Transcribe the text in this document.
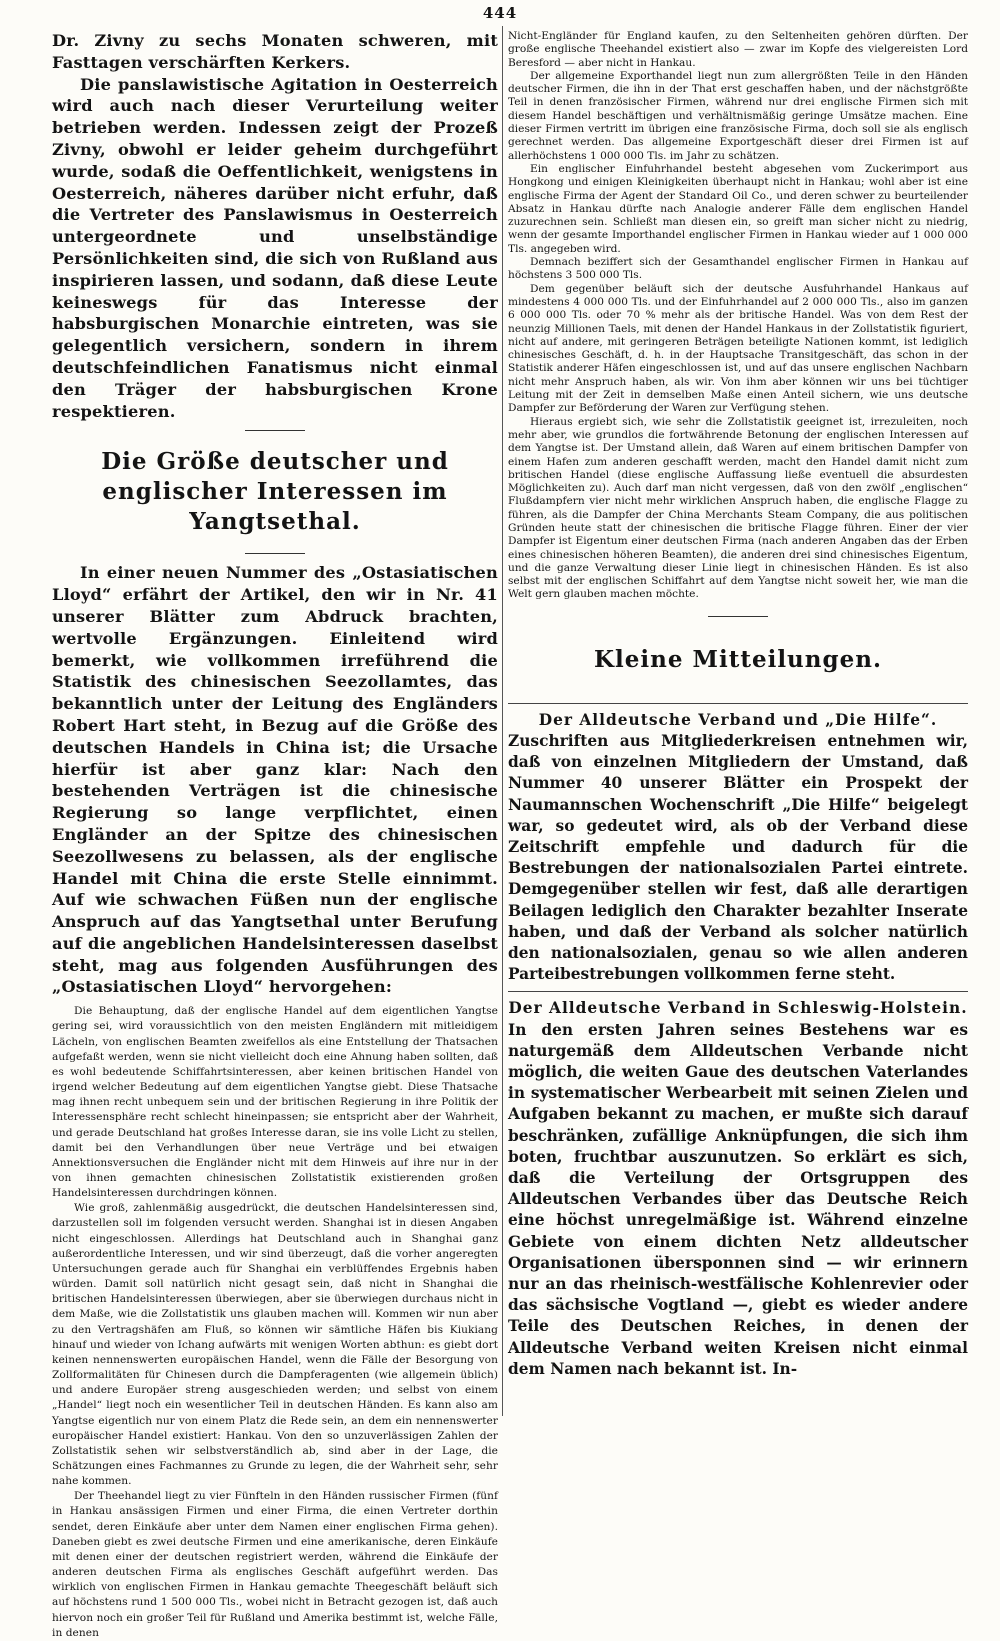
444

Dr. Zivny zu sechs Monaten schweren, mit Fasttagen verschärften Kerkers.

Die panslawistische Agitation in Oesterreich wird auch nach dieser Verurteilung weiter betrieben werden. Indessen zeigt der Prozeß Zivny, obwohl er leider geheim durchgeführt wurde, sodaß die Oeffentlichkeit, wenigstens in Oesterreich, näheres darüber nicht erfuhr, daß die Vertreter des Panslawismus in Oesterreich untergeordnete und unselbständige Persönlichkeiten sind, die sich von Rußland aus inspirieren lassen, und sodann, daß diese Leute keineswegs für das Interesse der habsburgischen Monarchie eintreten, was sie gelegentlich versichern, sondern in ihrem deutschfeindlichen Fanatismus nicht einmal den Träger der habsburgischen Krone respektieren.

Die Größe deutscher und englischer Interessen im Yangtsethal.

In einer neuen Nummer des „Ostasiatischen Lloyd“ erfährt der Artikel, den wir in Nr. 41 unserer Blätter zum Abdruck brachten, wertvolle Ergänzungen. Einleitend wird bemerkt, wie vollkommen irreführend die Statistik des chinesischen Seezollamtes, das bekanntlich unter der Leitung des Engländers Robert Hart steht, in Bezug auf die Größe des deutschen Handels in China ist; die Ursache hierfür ist aber ganz klar: Nach den bestehenden Verträgen ist die chinesische Regierung so lange verpflichtet, einen Engländer an der Spitze des chinesischen Seezollwesens zu belassen, als der englische Handel mit China die erste Stelle einnimmt. Auf wie schwachen Füßen nun der englische Anspruch auf das Yangtsethal unter Berufung auf die angeblichen Handelsinteressen daselbst steht, mag aus folgenden Ausführungen des „Ostasiatischen Lloyd“ hervorgehen:

Die Behauptung, daß der englische Handel auf dem eigentlichen Yangtse gering sei, wird voraussichtlich von den meisten Engländern mit mitleidigem Lächeln, von englischen Beamten zweifellos als eine Entstellung der Thatsachen aufgefaßt werden, wenn sie nicht vielleicht doch eine Ahnung haben sollten, daß es wohl bedeutende Schiffahrtsinteressen, aber keinen britischen Handel von irgend welcher Bedeutung auf dem eigentlichen Yangtse giebt. Diese Thatsache mag ihnen recht unbequem sein und der britischen Regierung in ihre Politik der Interessensphäre recht schlecht hineinpassen; sie entspricht aber der Wahrheit, und gerade Deutschland hat großes Interesse daran, sie ins volle Licht zu stellen, damit bei den Verhandlungen über neue Verträge und bei etwaigen Annektionsversuchen die Engländer nicht mit dem Hinweis auf ihre nur in der von ihnen gemachten chinesischen Zollstatistik existierenden großen Handelsinteressen durchdringen können.

Wie groß, zahlenmäßig ausgedrückt, die deutschen Handelsinteressen sind, darzustellen soll im folgenden versucht werden. Shanghai ist in diesen Angaben nicht eingeschlossen. Allerdings hat Deutschland auch in Shanghai ganz außerordentliche Interessen, und wir sind überzeugt, daß die vorher angeregten Untersuchungen gerade auch für Shanghai ein verblüffendes Ergebnis haben würden. Damit soll natürlich nicht gesagt sein, daß nicht in Shanghai die britischen Handelsinteressen überwiegen, aber sie überwiegen durchaus nicht in dem Maße, wie die Zollstatistik uns glauben machen will. Kommen wir nun aber zu den Vertragshäfen am Fluß, so können wir sämtliche Häfen bis Kiukiang hinauf und wieder von Ichang aufwärts mit wenigen Worten abthun: es giebt dort keinen nennenswerten europäischen Handel, wenn die Fälle der Besorgung von Zollformalitäten für Chinesen durch die Dampferagenten (wie allgemein üblich) und andere Europäer streng ausgeschieden werden; und selbst von einem „Handel“ liegt noch ein wesentlicher Teil in deutschen Händen. Es kann also am Yangtse eigentlich nur von einem Platz die Rede sein, an dem ein nennenswerter europäischer Handel existiert: Hankau. Von den so unzuverlässigen Zahlen der Zollstatistik sehen wir selbstverständlich ab, sind aber in der Lage, die Schätzungen eines Fachmannes zu Grunde zu legen, die der Wahrheit sehr, sehr nahe kommen.

Der Theehandel liegt zu vier Fünfteln in den Händen russischer Firmen (fünf in Hankau ansässigen Firmen und einer Firma, die einen Vertreter dorthin sendet, deren Einkäufe aber unter dem Namen einer englischen Firma gehen). Daneben giebt es zwei deutsche Firmen und eine amerikanische, deren Einkäufe mit denen einer der deutschen registriert werden, während die Einkäufe der anderen deutschen Firma als englisches Geschäft aufgeführt werden. Das wirklich von englischen Firmen in Hankau gemachte Theegeschäft beläuft sich auf höchstens rund 1 500 000 Tls., wobei nicht in Betracht gezogen ist, daß auch hiervon noch ein großer Teil für Rußland und Amerika bestimmt ist, welche Fälle, in denen

Nicht-Engländer für England kaufen, zu den Seltenheiten gehören dürften. Der große englische Theehandel existiert also — zwar im Kopfe des vielgereisten Lord Beresford — aber nicht in Hankau.

Der allgemeine Exporthandel liegt nun zum allergrößten Teile in den Händen deutscher Firmen, die ihn in der That erst geschaffen haben, und der nächstgrößte Teil in denen französischer Firmen, während nur drei englische Firmen sich mit diesem Handel beschäftigen und verhältnismäßig geringe Umsätze machen. Eine dieser Firmen vertritt im übrigen eine französische Firma, doch soll sie als englisch gerechnet werden. Das allgemeine Exportgeschäft dieser drei Firmen ist auf allerhöchstens 1 000 000 Tls. im Jahr zu schätzen.

Ein englischer Einfuhrhandel besteht abgesehen vom Zuckerimport aus Hongkong und einigen Kleinigkeiten überhaupt nicht in Hankau; wohl aber ist eine englische Firma der Agent der Standard Oil Co., und deren schwer zu beurteilender Absatz in Hankau dürfte nach Analogie anderer Fälle dem englischen Handel zuzurechnen sein. Schließt man diesen ein, so greift man sicher nicht zu niedrig, wenn der gesamte Importhandel englischer Firmen in Hankau wieder auf 1 000 000 Tls. angegeben wird.

Demnach beziffert sich der Gesamthandel englischer Firmen in Hankau auf höchstens 3 500 000 Tls.

Dem gegenüber beläuft sich der deutsche Ausfuhrhandel Hankaus auf mindestens 4 000 000 Tls. und der Einfuhrhandel auf 2 000 000 Tls., also im ganzen 6 000 000 Tls. oder 70 % mehr als der britische Handel. Was von dem Rest der neunzig Millionen Taels, mit denen der Handel Hankaus in der Zollstatistik figuriert, nicht auf andere, mit geringeren Beträgen beteiligte Nationen kommt, ist lediglich chinesisches Geschäft, d. h. in der Hauptsache Transitgeschäft, das schon in der Statistik anderer Häfen eingeschlossen ist, und auf das unsere englischen Nachbarn nicht mehr Anspruch haben, als wir. Von ihm aber können wir uns bei tüchtiger Leitung mit der Zeit in demselben Maße einen Anteil sichern, wie uns deutsche Dampfer zur Beförderung der Waren zur Verfügung stehen.

Hieraus ergiebt sich, wie sehr die Zollstatistik geeignet ist, irrezuleiten, noch mehr aber, wie grundlos die fortwährende Betonung der englischen Interessen auf dem Yangtse ist. Der Umstand allein, daß Waren auf einem britischen Dampfer von einem Hafen zum anderen geschafft werden, macht den Handel damit nicht zum britischen Handel (diese englische Auffassung ließe eventuell die absurdesten Möglichkeiten zu). Auch darf man nicht vergessen, daß von den zwölf „englischen“ Flußdampfern vier nicht mehr wirklichen Anspruch haben, die englische Flagge zu führen, als die Dampfer der China Merchants Steam Company, die aus politischen Gründen heute statt der chinesischen die britische Flagge führen. Einer der vier Dampfer ist Eigentum einer deutschen Firma (nach anderen Angaben das der Erben eines chinesischen höheren Beamten), die anderen drei sind chinesisches Eigentum, und die ganze Verwaltung dieser Linie liegt in chinesischen Händen. Es ist also selbst mit der englischen Schiffahrt auf dem Yangtse nicht soweit her, wie man die Welt gern glauben machen möchte.

Kleine Mitteilungen.

Der Alldeutsche Verband und „Die Hilfe“.

Zuschriften aus Mitgliederkreisen entnehmen wir, daß von einzelnen Mitgliedern der Umstand, daß Nummer 40 unserer Blätter ein Prospekt der Naumannschen Wochenschrift „Die Hilfe“ beigelegt war, so gedeutet wird, als ob der Verband diese Zeitschrift empfehle und dadurch für die Bestrebungen der nationalsozialen Partei eintrete. Demgegenüber stellen wir fest, daß alle derartigen Beilagen lediglich den Charakter bezahlter Inserate haben, und daß der Verband als solcher natürlich den nationalsozialen, genau so wie allen anderen Parteibestrebungen vollkommen ferne steht.

Der Alldeutsche Verband in Schleswig-Holstein.

In den ersten Jahren seines Bestehens war es naturgemäß dem Alldeutschen Verbande nicht möglich, die weiten Gaue des deutschen Vaterlandes in systematischer Werbearbeit mit seinen Zielen und Aufgaben bekannt zu machen, er mußte sich darauf beschränken, zufällige Anknüpfungen, die sich ihm boten, fruchtbar auszunutzen. So erklärt es sich, daß die Verteilung der Ortsgruppen des Alldeutschen Verbandes über das Deutsche Reich eine höchst unregelmäßige ist. Während einzelne Gebiete von einem dichten Netz alldeutscher Organisationen übersponnen sind — wir erinnern nur an das rheinisch-westfälische Kohlenrevier oder das sächsische Vogtland —, giebt es wieder andere Teile des Deutschen Reiches, in denen der Alldeutsche Verband weiten Kreisen nicht einmal dem Namen nach bekannt ist. In-
